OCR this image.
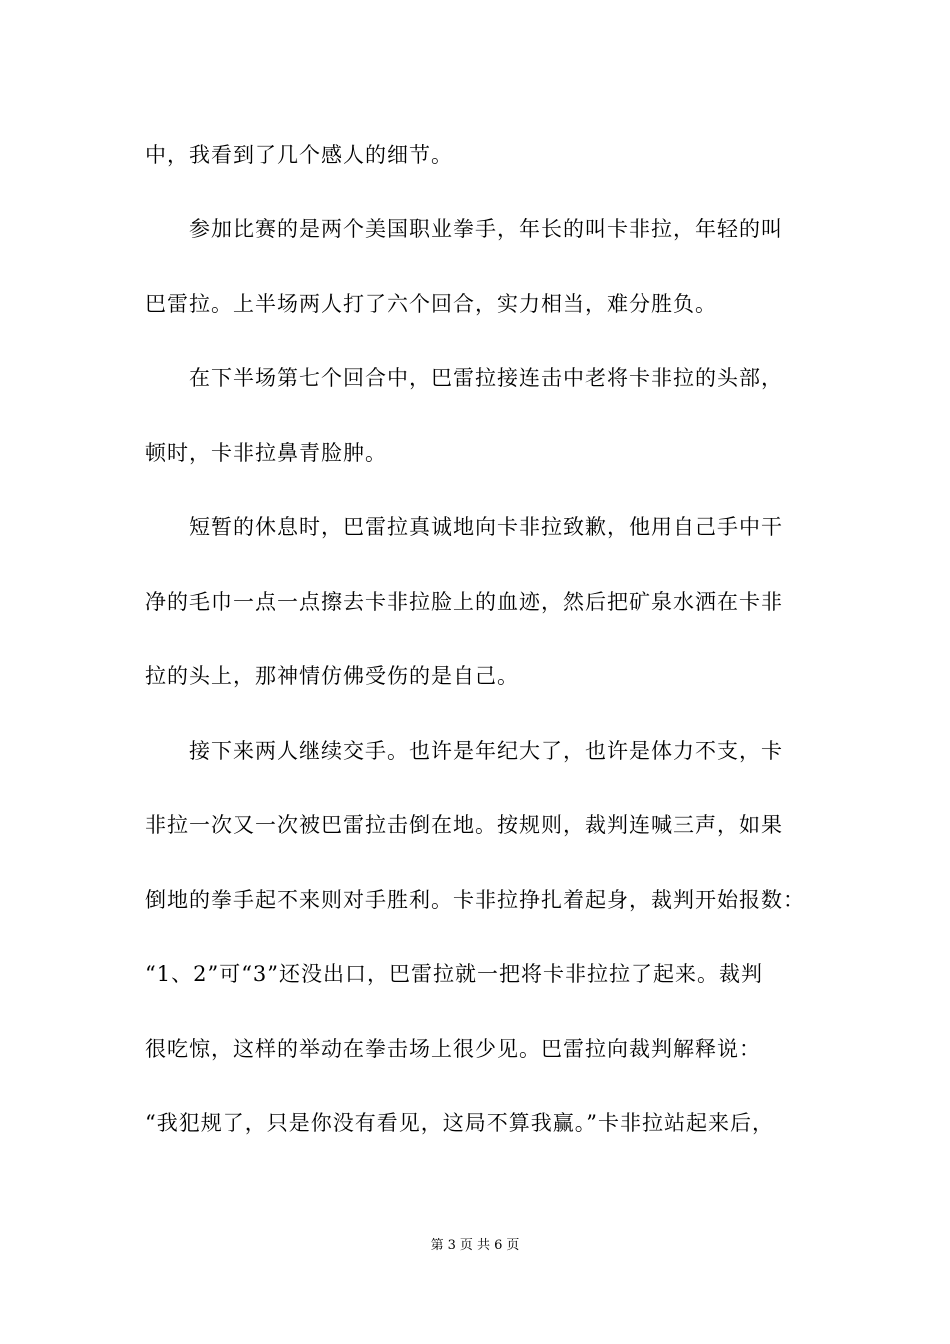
中，我看到了几个感人的细节。
参加比赛的是两个美国职业拳手，年长的叫卡非拉，年轻的叫
巴雷拉。上半场两人打了六个回合，实力相当，难分胜负。
在下半场第七个回合中，巴雷拉接连击中老将卡非拉的头部，
顿时，卡非拉鼻青脸肿。
短暂的休息时，巴雷拉真诚地向卡非拉致歉，他用自己手中干
净的毛巾一点一点擦去卡非拉脸上的血迹，然后把矿泉水洒在卡非
拉的头上，那神情仿佛受伤的是自己。
接下来两人继续交手。也许是年纪大了，也许是体力不支，卡
非拉一次又一次被巴雷拉击倒在地。按规则，裁判连喊三声，如果
倒地的拳手起不来则对手胜利。卡非拉挣扎着起身，裁判开始报数：
“1、2”可“3”还没出口，巴雷拉就一把将卡非拉拉了起来。裁判
很吃惊，这样的举动在拳击场上很少见。巴雷拉向裁判解释说：
“我犯规了，只是你没有看见，这局不算我赢。”卡非拉站起来后，
第 3 页 共 6 页
